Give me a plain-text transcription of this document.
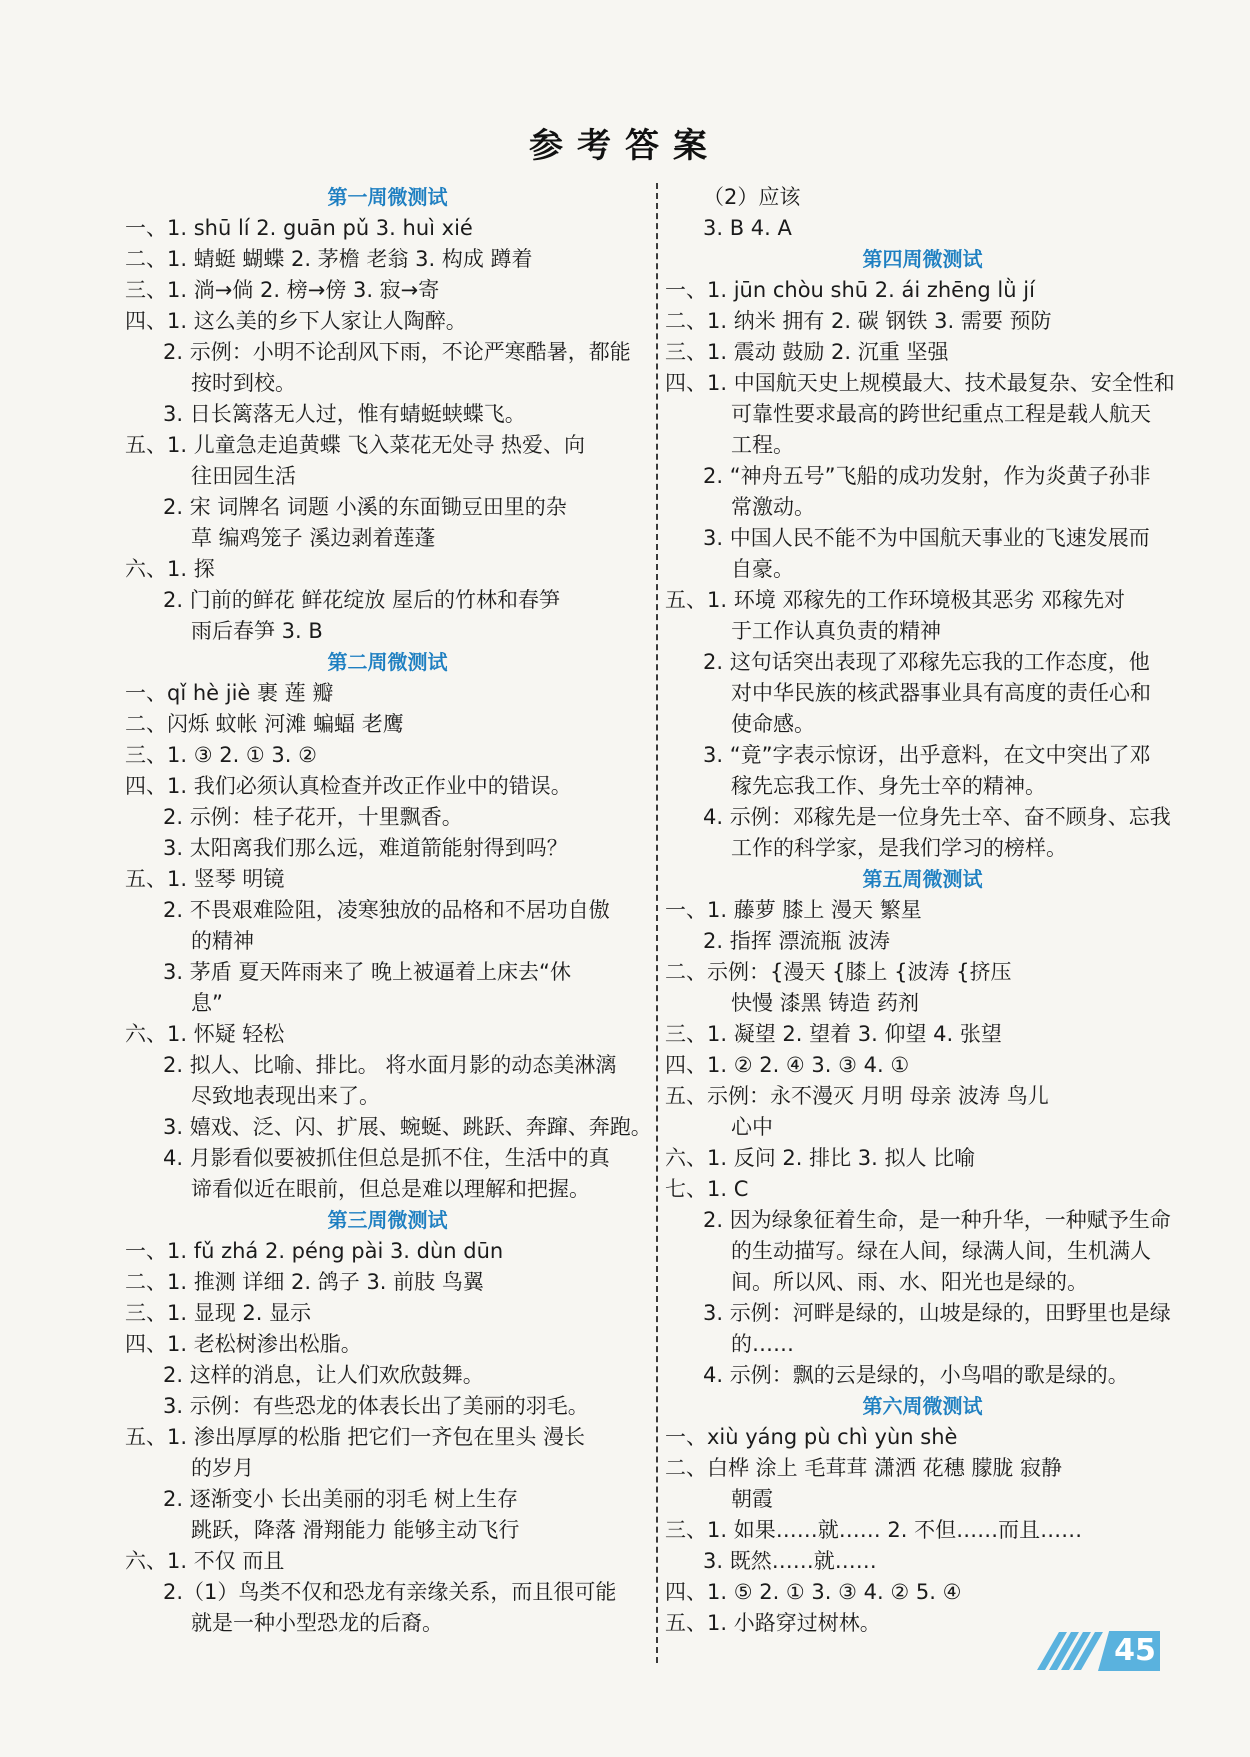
参考答案
第一周微测试
一、1. shū lí 2. guān pǔ 3. huì xié
二、1. 蜻蜓 蝴蝶 2. 茅檐 老翁 3. 构成 蹲着
三、1. 淌→倘 2. 榜→傍 3. 寂→寄
四、1. 这么美的乡下人家让人陶醉。
2. 示例：小明不论刮风下雨，不论严寒酷暑，都能
按时到校。
3. 日长篱落无人过，惟有蜻蜓蛱蝶飞。
五、1. 儿童急走追黄蝶 飞入菜花无处寻 热爱、向
往田园生活
2. 宋 词牌名 词题 小溪的东面锄豆田里的杂
草 编鸡笼子 溪边剥着莲蓬
六、1. 探
2. 门前的鲜花 鲜花绽放 屋后的竹林和春笋
雨后春笋 3. B
第二周微测试
一、qǐ hè jiè 裹 莲 瓣
二、闪烁 蚊帐 河滩 蝙蝠 老鹰
三、1. ③ 2. ① 3. ②
四、1. 我们必须认真检查并改正作业中的错误。
2. 示例：桂子花开，十里飘香。
3. 太阳离我们那么远，难道箭能射得到吗？
五、1. 竖琴 明镜
2. 不畏艰难险阻，凌寒独放的品格和不居功自傲
的精神
3. 茅盾 夏天阵雨来了 晚上被逼着上床去“休
息”
六、1. 怀疑 轻松
2. 拟人、比喻、排比。 将水面月影的动态美淋漓
尽致地表现出来了。
3. 嬉戏、泛、闪、扩展、蜿蜒、跳跃、奔蹿、奔跑。
4. 月影看似要被抓住但总是抓不住，生活中的真
谛看似近在眼前，但总是难以理解和把握。
第三周微测试
一、1. fǔ zhá 2. péng pài 3. dùn dūn
二、1. 推测 详细 2. 鸽子 3. 前肢 鸟翼
三、1. 显现 2. 显示
四、1. 老松树渗出松脂。
2. 这样的消息，让人们欢欣鼓舞。
3. 示例：有些恐龙的体表长出了美丽的羽毛。
五、1. 渗出厚厚的松脂 把它们一齐包在里头 漫长
的岁月
2. 逐渐变小 长出美丽的羽毛 树上生存
跳跃，降落 滑翔能力 能够主动飞行
六、1. 不仅 而且
2.（1）鸟类不仅和恐龙有亲缘关系，而且很可能
就是一种小型恐龙的后裔。
（2）应该
3. B 4. A
第四周微测试
一、1. jūn chòu shū 2. ái zhēng lǜ jí
二、1. 纳米 拥有 2. 碳 钢铁 3. 需要 预防
三、1. 震动 鼓励 2. 沉重 坚强
四、1. 中国航天史上规模最大、技术最复杂、安全性和
可靠性要求最高的跨世纪重点工程是载人航天
工程。
2. “神舟五号”飞船的成功发射，作为炎黄子孙非
常激动。
3. 中国人民不能不为中国航天事业的飞速发展而
自豪。
五、1. 环境 邓稼先的工作环境极其恶劣 邓稼先对
于工作认真负责的精神
2. 这句话突出表现了邓稼先忘我的工作态度，他
对中华民族的核武器事业具有高度的责任心和
使命感。
3. “竟”字表示惊讶，出乎意料，在文中突出了邓
稼先忘我工作、身先士卒的精神。
4. 示例：邓稼先是一位身先士卒、奋不顾身、忘我
工作的科学家，是我们学习的榜样。
第五周微测试
一、1. 藤萝 膝上 漫天 繁星
2. 指挥 漂流瓶 波涛
二、示例：{漫天 {膝上 {波涛 {挤压
快慢 漆黑 铸造 药剂
三、1. 凝望 2. 望着 3. 仰望 4. 张望
四、1. ② 2. ④ 3. ③ 4. ①
五、示例：永不漫灭 月明 母亲 波涛 鸟儿
心中
六、1. 反问 2. 排比 3. 拟人 比喻
七、1. C
2. 因为绿象征着生命，是一种升华，一种赋予生命
的生动描写。绿在人间，绿满人间，生机满人
间。所以风、雨、水、阳光也是绿的。
3. 示例：河畔是绿的，山坡是绿的，田野里也是绿
的……
4. 示例：飘的云是绿的，小鸟唱的歌是绿的。
第六周微测试
一、xiù yáng pù chì yùn shè
二、白桦 涂上 毛茸茸 潇洒 花穗 朦胧 寂静
朝霞
三、1. 如果……就…… 2. 不但……而且……
3. 既然……就……
四、1. ⑤ 2. ① 3. ③ 4. ② 5. ④
五、1. 小路穿过树林。
45
